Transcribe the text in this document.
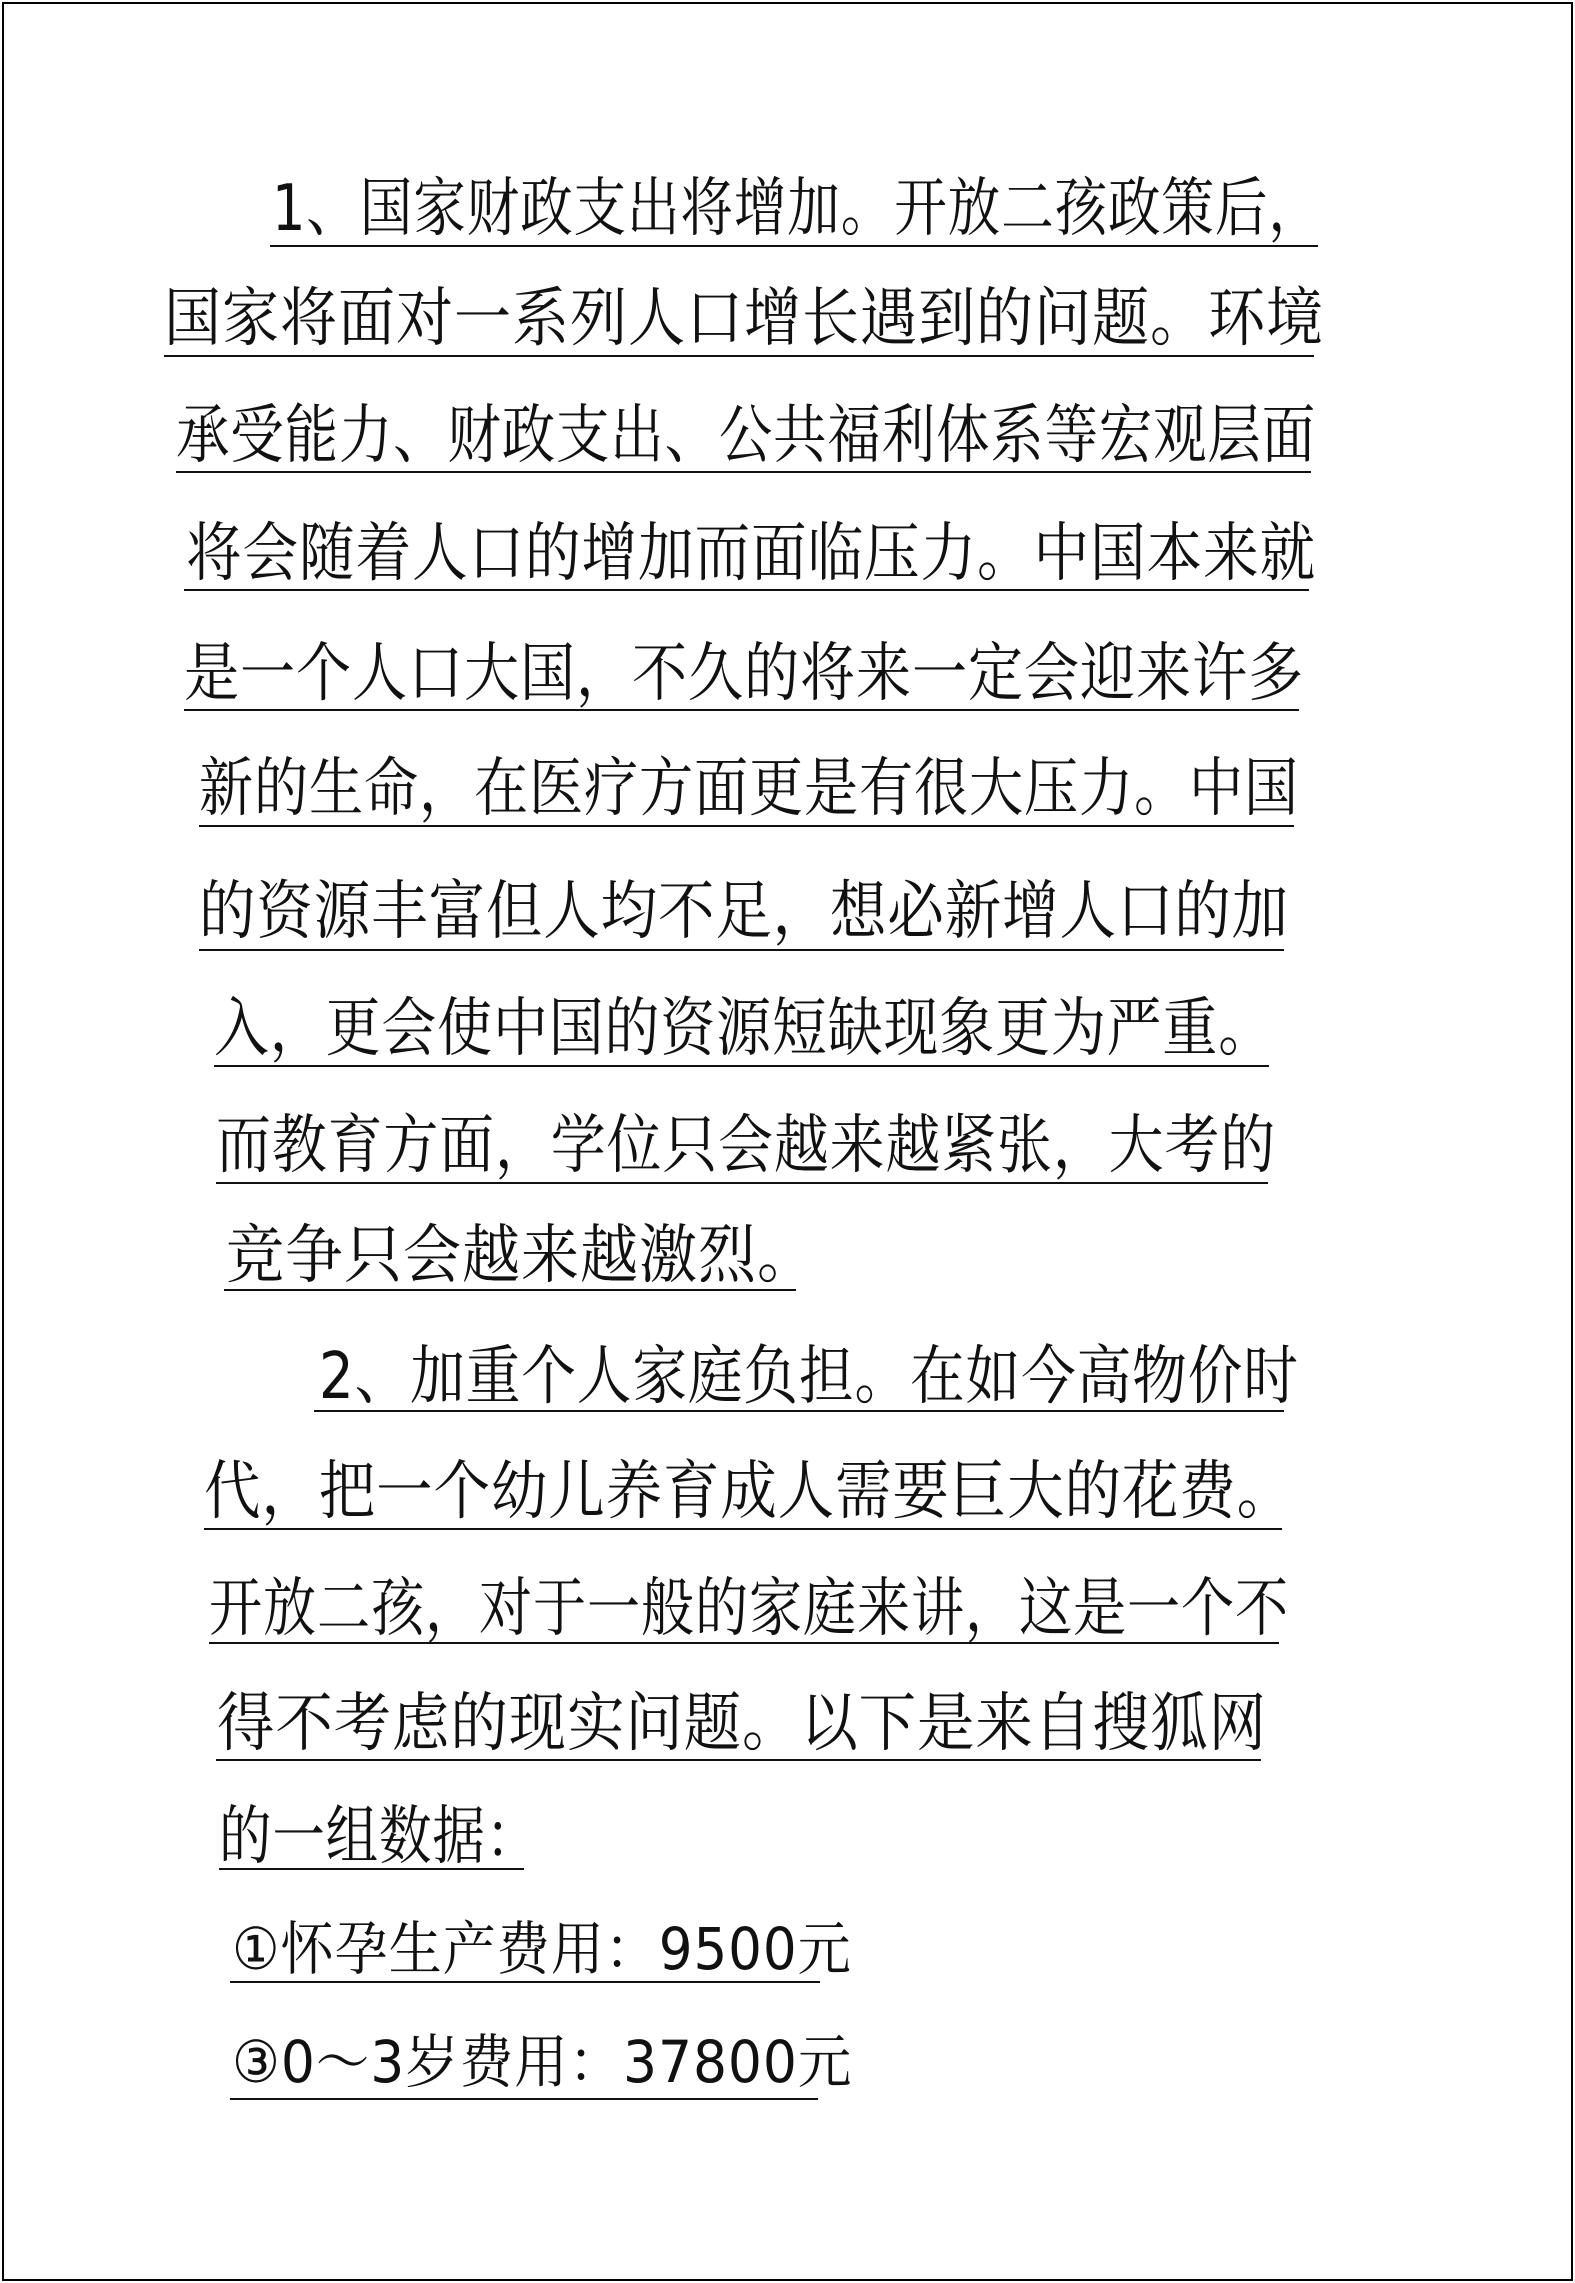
1、国家财政支出将增加。开放二孩政策后，
国家将面对一系列人口增长遇到的问题。环境
承受能力、财政支出、公共福利体系等宏观层面
将会随着人口的增加而面临压力。中国本来就
是一个人口大国，不久的将来一定会迎来许多
新的生命，在医疗方面更是有很大压力。中国
的资源丰富但人均不足，想必新增人口的加
入，更会使中国的资源短缺现象更为严重。
而教育方面，学位只会越来越紧张，大考的
竞争只会越来越激烈。
2、加重个人家庭负担。在如今高物价时
代，把一个幼儿养育成人需要巨大的花费。
开放二孩，对于一般的家庭来讲，这是一个不
得不考虑的现实问题。以下是来自搜狐网
的一组数据：
①怀孕生产费用：9500元
③0～3岁费用：37800元
